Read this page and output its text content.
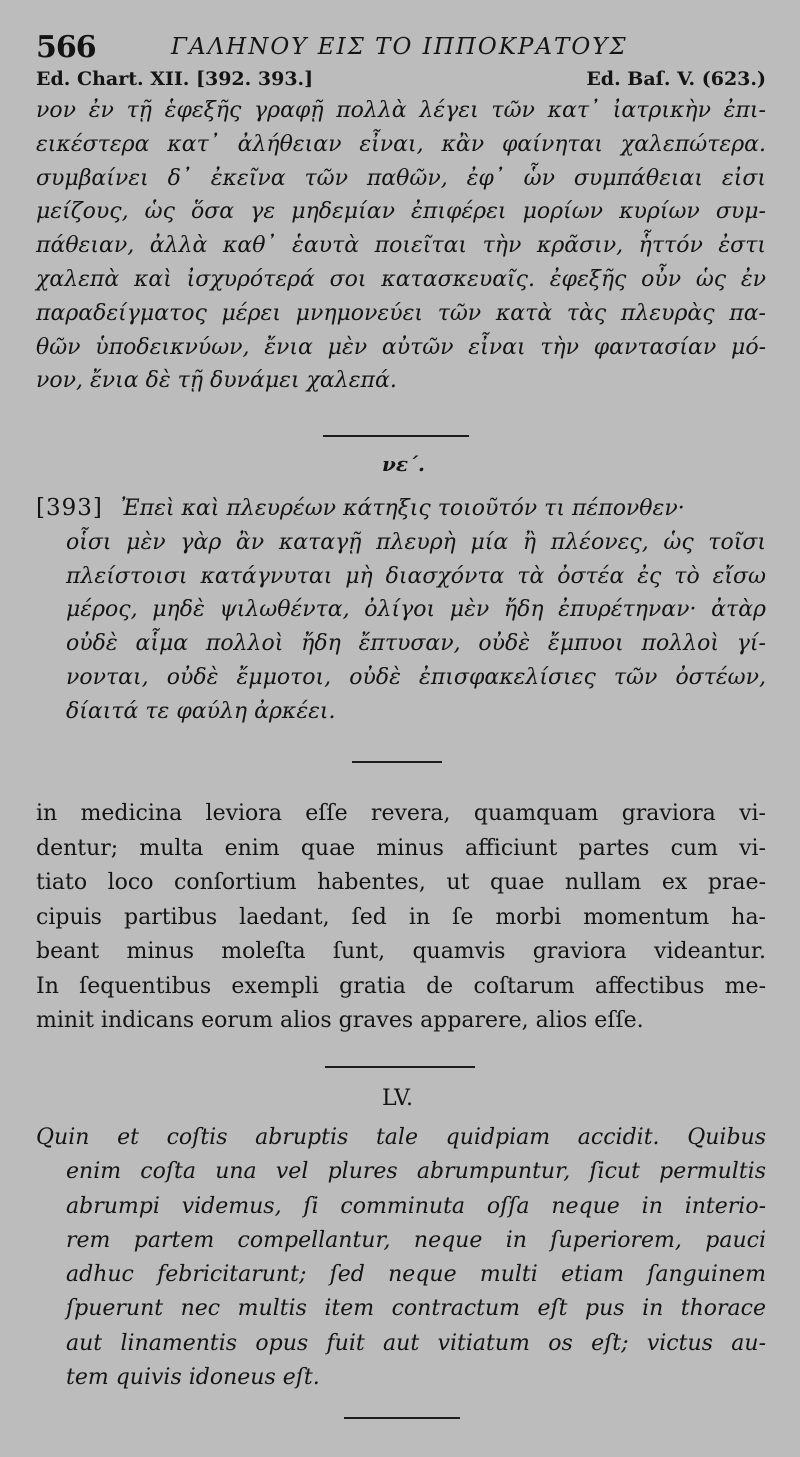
566	ΓΑΛΗΝΟΥ ΕΙΣ ΤΟ ΙΠΠΟΚΡΑΤΟΥΣ
Ed. Chart. XII. [392. 393.]	Ed. Baſ. V. (623.)
νον ἐν τῇ ἑφεξῆς γραφῇ πολλὰ λέγει τῶν κατ᾽ ἰατρικὴν ἐπι-
εικέστερα κατ᾽ ἀλήθειαν εἶναι, κἂν φαίνηται χαλεπώτερα.
συμβαίνει δ᾽ ἐκεῖνα τῶν παθῶν, ἐφ᾽ ὧν συμπάθειαι εἰσι
μείζους, ὡς ὅσα γε μηδεμίαν ἐπιφέρει μορίων κυρίων συμ-
πάθειαν, ἀλλὰ καθ᾽ ἑαυτὰ ποιεῖται τὴν κρᾶσιν, ἧττόν ἐστι
χαλεπὰ καὶ ἰσχυρότερά σοι κατασκευαῖς. ἐφεξῆς οὖν ὡς ἐν
παραδείγματος μέρει μνημονεύει τῶν κατὰ τὰς πλευρὰς πα-
θῶν ὑποδεικνύων, ἔνια μὲν αὐτῶν εἶναι τὴν φαντασίαν μό-
νον, ἔνια δὲ τῇ δυνάμει χαλεπά.
νε΄.
[393] Ἐπεὶ καὶ πλευρέων κάτηξις τοιοῦτόν τι πέπονθεν·
οἷσι μὲν γὰρ ἂν καταγῇ πλευρὴ μία ἢ πλέονες, ὡς τοῖσι
πλείστοισι κατάγνυται μὴ διασχόντα τὰ ὀστέα ἐς τὸ εἴσω
μέρος, μηδὲ ψιλωθέντα, ὀλίγοι μὲν ἤδη ἐπυρέτηναν· ἀτὰρ
οὐδὲ αἷμα πολλοὶ ἤδη ἔπτυσαν, οὐδὲ ἔμπυοι πολλοὶ γί-
νονται, οὐδὲ ἔμμοτοι, οὐδὲ ἐπισφακελίσιες τῶν ὀστέων,
δίαιτά τε φαύλη ἀρκέει.
in medicina leviora eſſe revera, quamquam graviora vi-
dentur; multa enim quae minus afficiunt partes cum vi-
tiato loco conſortium habentes, ut quae nullam ex prae-
cipuis partibus laedant, ſed in ſe morbi momentum ha-
beant minus moleſta ſunt, quamvis graviora videantur.
In ſequentibus exempli gratia de coſtarum affectibus me-
minit indicans eorum alios graves apparere, alios eſſe.
LV.
Quin et coſtis abruptis tale quidpiam accidit. Quibus
enim coſta una vel plures abrumpuntur, ſicut permultis
abrumpi videmus, ſi comminuta oſſa neque in interio-
rem partem compellantur, neque in ſuperiorem, pauci
adhuc febricitarunt; ſed neque multi etiam ſanguinem
ſpuerunt nec multis item contractum eſt pus in thorace
aut linamentis opus fuit aut vitiatum os eſt; victus au-
tem quivis idoneus eſt.
